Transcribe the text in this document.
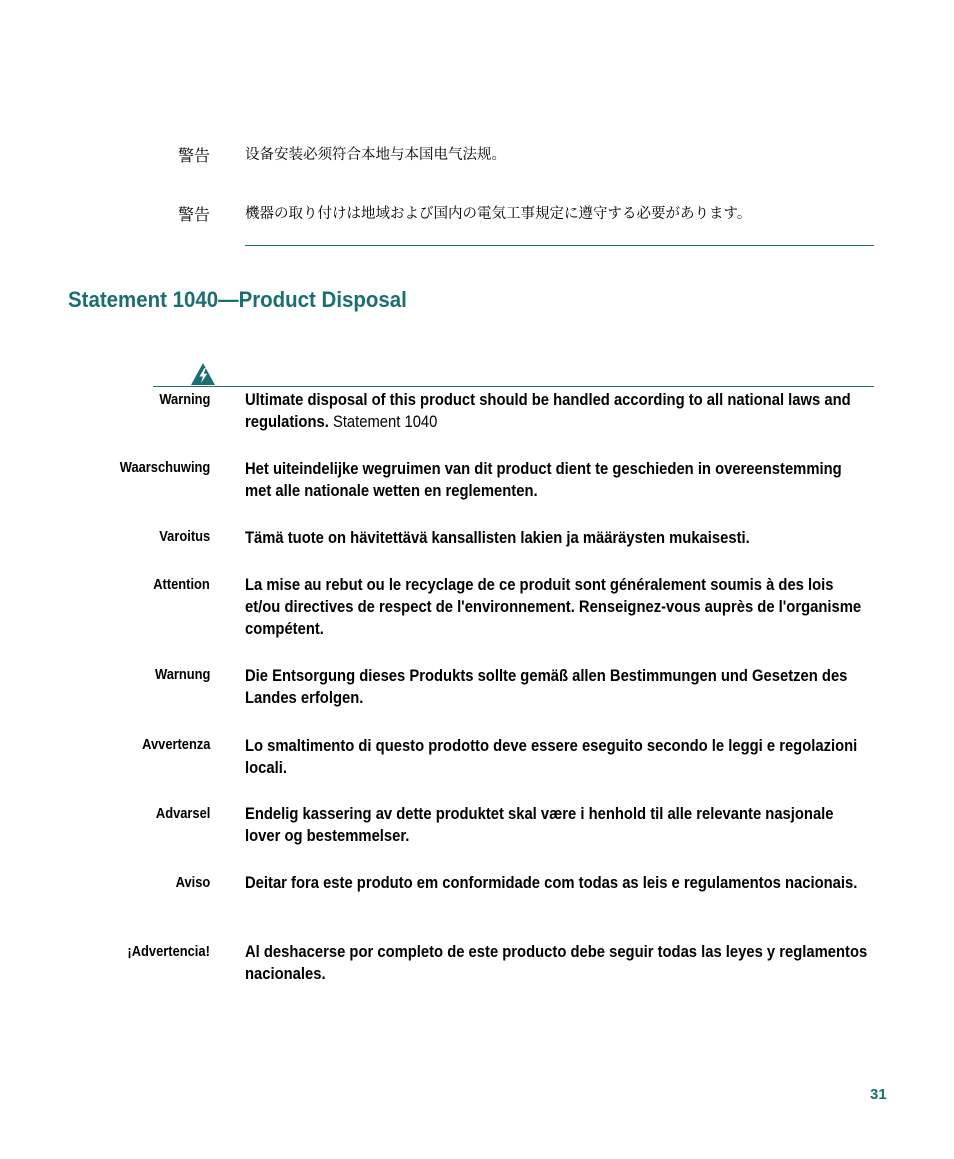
警告 设备安装必须符合本地与本国电气法规。
警告 機器の取り付けは地域および国内の電気工事規定に遵守する必要があります。
Statement 1040—Product Disposal
Warning Ultimate disposal of this product should be handled according to all national laws and regulations. Statement 1040
Waarschuwing Het uiteindelijke wegruimen van dit product dient te geschieden in overeenstemming met alle nationale wetten en reglementen.
Varoitus Tämä tuote on hävitettävä kansallisten lakien ja määräysten mukaisesti.
Attention La mise au rebut ou le recyclage de ce produit sont généralement soumis à des lois et/ou directives de respect de l'environnement. Renseignez-vous auprès de l'organisme compétent.
Warnung Die Entsorgung dieses Produkts sollte gemäß allen Bestimmungen und Gesetzen des Landes erfolgen.
Avvertenza Lo smaltimento di questo prodotto deve essere eseguito secondo le leggi e regolazioni locali.
Advarsel Endelig kassering av dette produktet skal være i henhold til alle relevante nasjonale lover og bestemmelser.
Aviso Deitar fora este produto em conformidade com todas as leis e regulamentos nacionais.
¡Advertencia! Al deshacerse por completo de este producto debe seguir todas las leyes y reglamentos nacionales.
31
